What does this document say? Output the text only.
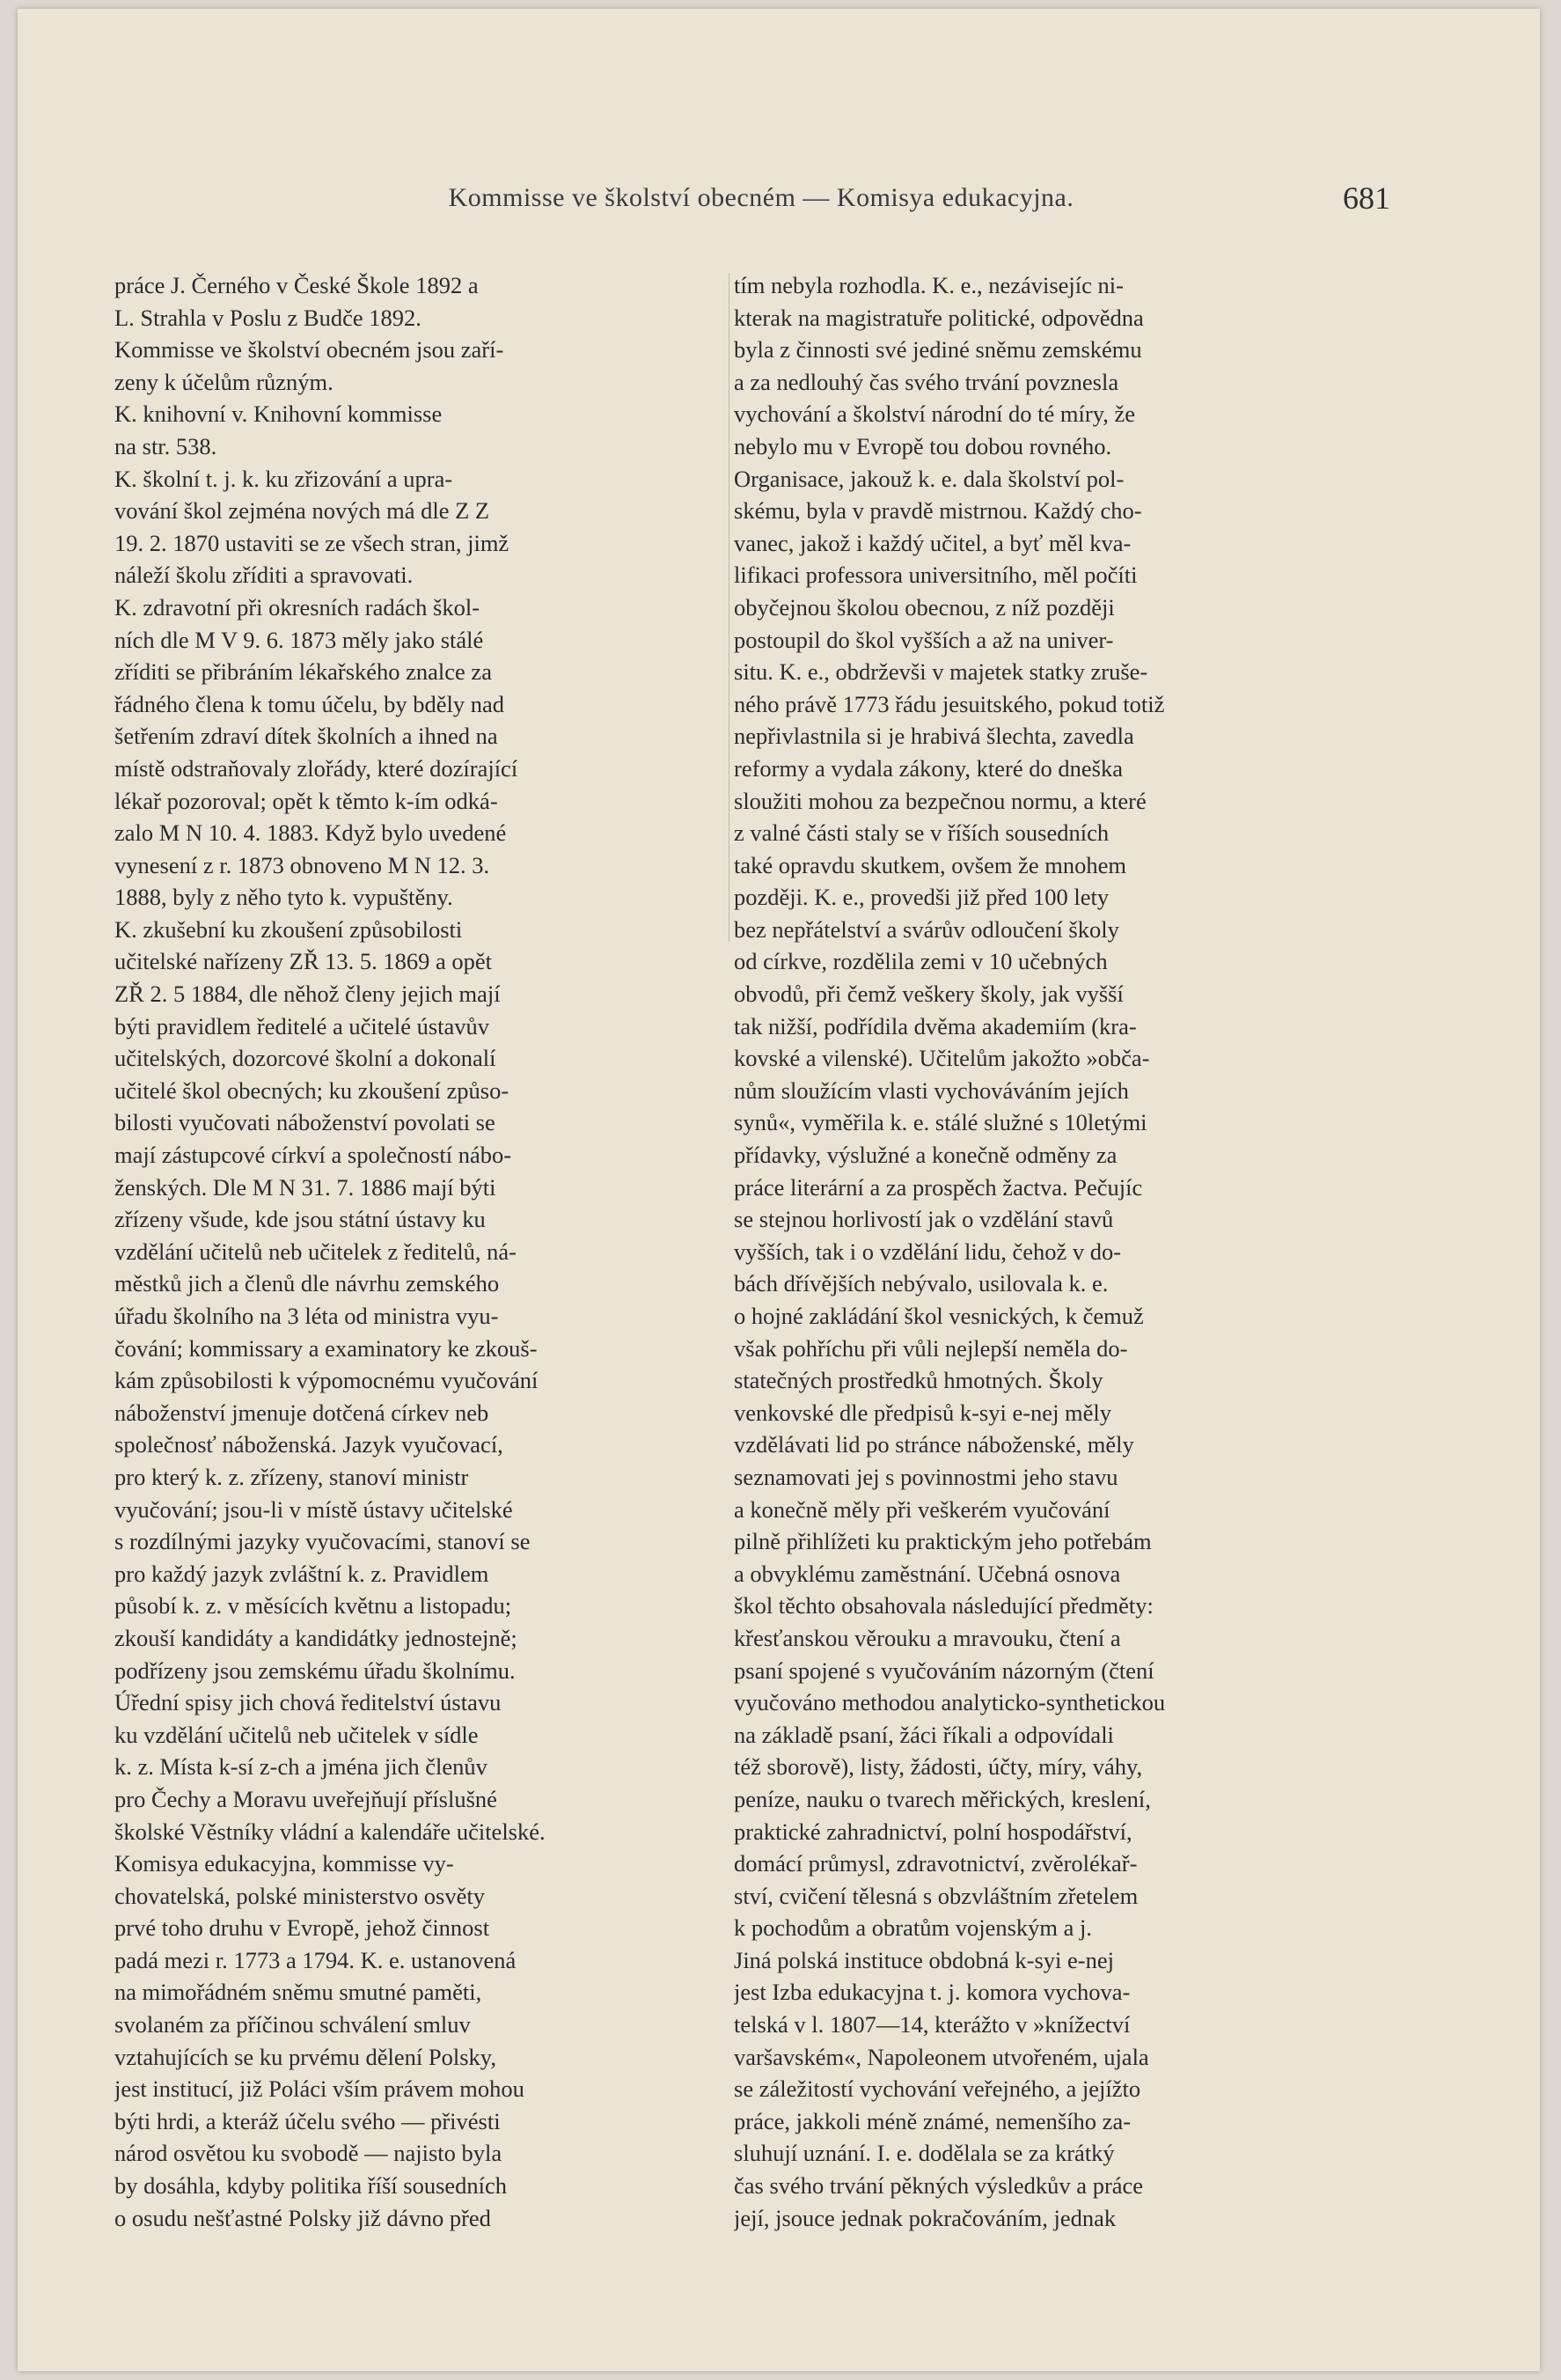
Kommisse ve školství obecném — Komisya edukacyjna.	681
práce J. Černého v České Škole 1892 a
L. Strahla v Poslu z Budče 1892.
Kommisse ve školství obecném jsou zaří-
zeny k účelům různým.
K. knihovní v. Knihovní kommisse
na str. 538.
K. školní t. j. k. ku zřizování a upra-
vování škol zejména nových má dle Z Z
19. 2. 1870 ustaviti se ze všech stran, jimž
náleží školu zříditi a spravovati.
K. zdravotní při okresních radách škol-
ních dle M V 9. 6. 1873 měly jako stálé
zříditi se přibráním lékařského znalce za
řádného člena k tomu účelu, by bděly nad
šetřením zdraví dítek školních a ihned na
místě odstraňovaly zlořády, které dozírající
lékař pozoroval; opět k těmto k-ím odká-
zalo M N 10. 4. 1883. Když bylo uvedené
vynesení z r. 1873 obnoveno M N 12. 3.
1888, byly z něho tyto k. vypuštěny.
K. zkušební ku zkoušení způsobilosti
učitelské nařízeny ZŘ 13. 5. 1869 a opět
ZŘ 2. 5 1884, dle něhož členy jejich mají
býti pravidlem ředitelé a učitelé ústavův
učitelských, dozorcové školní a dokonalí
učitelé škol obecných; ku zkoušení způso-
bilosti vyučovati náboženství povolati se
mají zástupcové církví a společností nábo-
ženských. Dle M N 31. 7. 1886 mají býti
zřízeny všude, kde jsou státní ústavy ku
vzdělání učitelů neb učitelek z ředitelů, ná-
městků jich a členů dle návrhu zemského
úřadu školního na 3 léta od ministra vyu-
čování; kommissary a examinatory ke zkouš-
kám způsobilosti k výpomocnému vyučování
náboženství jmenuje dotčená církev neb
společnosť náboženská. Jazyk vyučovací,
pro který k. z. zřízeny, stanoví ministr
vyučování; jsou-li v místě ústavy učitelské
s rozdílnými jazyky vyučovacími, stanoví se
pro každý jazyk zvláštní k. z. Pravidlem
působí k. z. v měsících květnu a listopadu;
zkouší kandidáty a kandidátky jednostejně;
podřízeny jsou zemskému úřadu školnímu.
Úřední spisy jich chová ředitelství ústavu
ku vzdělání učitelů neb učitelek v sídle
k. z. Místa k-sí z-ch a jména jich členův
pro Čechy a Moravu uveřejňují příslušné
školské Věstníky vládní a kalendáře učitelské.
Komisya edukacyjna, kommisse vy-
chovatelská, polské ministerstvo osvěty
prvé toho druhu v Evropě, jehož činnost
padá mezi r. 1773 a 1794. K. e. ustanovená
na mimořádném sněmu smutné paměti,
svolaném za příčinou schválení smluv
vztahujících se ku prvému dělení Polsky,
jest institucí, již Poláci vším právem mohou
býti hrdi, a kteráž účelu svého — přivésti
národ osvětou ku svobodě — najisto byla
by dosáhla, kdyby politika říší sousedních
o osudu nešťastné Polsky již dávno před
tím nebyla rozhodla. K. e., nezávisejíc ni-
kterak na magistratuře politické, odpovědna
byla z činnosti své jediné sněmu zemskému
a za nedlouhý čas svého trvání povznesla
vychování a školství národní do té míry, že
nebylo mu v Evropě tou dobou rovného.
Organisace, jakouž k. e. dala školství pol-
skému, byla v pravdě mistrnou. Každý cho-
vanec, jakož i každý učitel, a byť měl kva-
lifikaci professora universitního, měl počíti
obyčejnou školou obecnou, z níž později
postoupil do škol vyšších a až na univer-
situ. K. e., obdrževši v majetek statky zruše-
ného právě 1773 řádu jesuitského, pokud totiž
nepřivlastnila si je hrabivá šlechta, zavedla
reformy a vydala zákony, které do dneška
sloužiti mohou za bezpečnou normu, a které
z valné části staly se v říších sousedních
také opravdu skutkem, ovšem že mnohem
později. K. e., provedši již před 100 lety
bez nepřátelství a svárův odloučení školy
od církve, rozdělila zemi v 10 učebných
obvodů, při čemž veškery školy, jak vyšší
tak nižší, podřídila dvěma akademiím (kra-
kovské a vilenské). Učitelům jakožto »občа-
nům sloužícím vlasti vychováváním jejích
synů«, vyměřila k. e. stálé služné s 10letými
přídavky, výslužné a konečně odměny za
práce literární a za prospěch žactva. Pečujíc
se stejnou horlivostí jak o vzdělání stavů
vyšších, tak i o vzdělání lidu, čehož v do-
bách dřívějších nebývalo, usilovala k. e.
o hojné zakládání škol vesnických, k čemuž
však pohříchu při vůli nejlepší neměla do-
statečných prostředků hmotných. Školy
venkovské dle předpisů k-syi e-nej měly
vzdělávati lid po stránce náboženské, měly
seznamovati jej s povinnostmi jeho stavu
a konečně měly při veškerém vyučování
pilně přihlížeti ku praktickým jeho potřebám
a obvyklému zaměstnání. Učebná osnova
škol těchto obsahovala následující předměty:
křesťanskou věrouku a mravouku, čtení a
psaní spojené s vyučováním názorným (čtení
vyučováno methodou analyticko-synthetickou
na základě psaní, žáci říkali a odpovídali
též sborově), listy, žádosti, účty, míry, váhy,
peníze, nauku o tvarech měřických, kreslení,
praktické zahradnictví, polní hospodářství,
domácí průmysl, zdravotnictví, zvěrolékař-
ství, cvičení tělesná s obzvláštním zřetelem
k pochodům a obratům vojenským a j.
Jiná polská instituce obdobná k-syi e-nej
jest Izba edukacyjna t. j. komora vychova-
telská v l. 1807—14, kterážto v »knížectví
varšavském«, Napoleonem utvořeném, ujala
se záležitostí vychování veřejného, a jejížto
práce, jakkoli méně známé, nemenšího za-
sluhují uznání. I. e. dodělala se za krátký
čas svého trvání pěkných výsledkův a práce
její, jsouce jednak pokračováním, jednak
